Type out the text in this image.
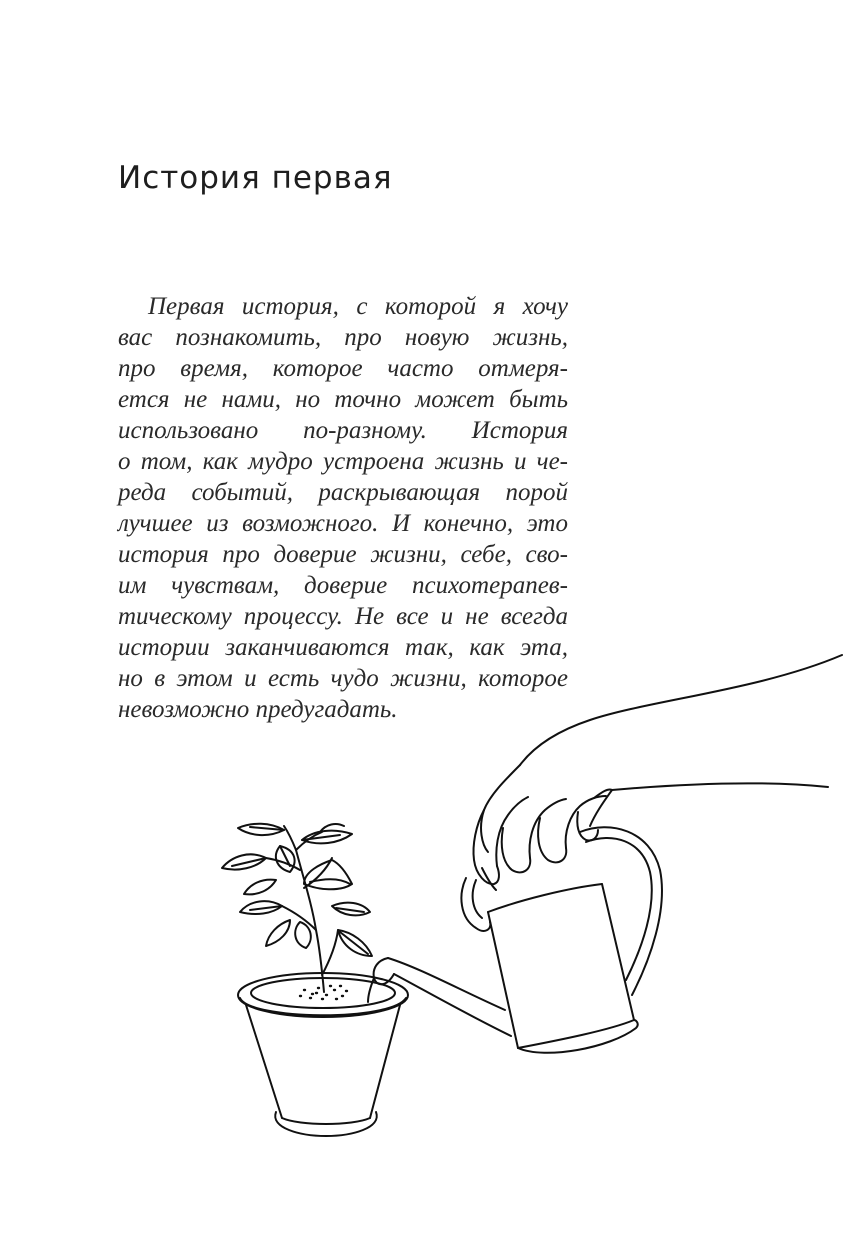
История первая
Первая история, с которой я хочу
вас познакомить, про новую жизнь,
про время, которое часто отмеря-
ется не нами, но точно может быть
использовано по-разному. История
о том, как мудро устроена жизнь и че-
реда событий, раскрывающая порой
лучшее из возможного. И конечно, это
история про доверие жизни, себе, сво-
им чувствам, доверие психотерапев-
тическому процессу. Не все и не всегда
истории заканчиваются так, как эта,
но в этом и есть чудо жизни, которое
невозможно предугадать.
